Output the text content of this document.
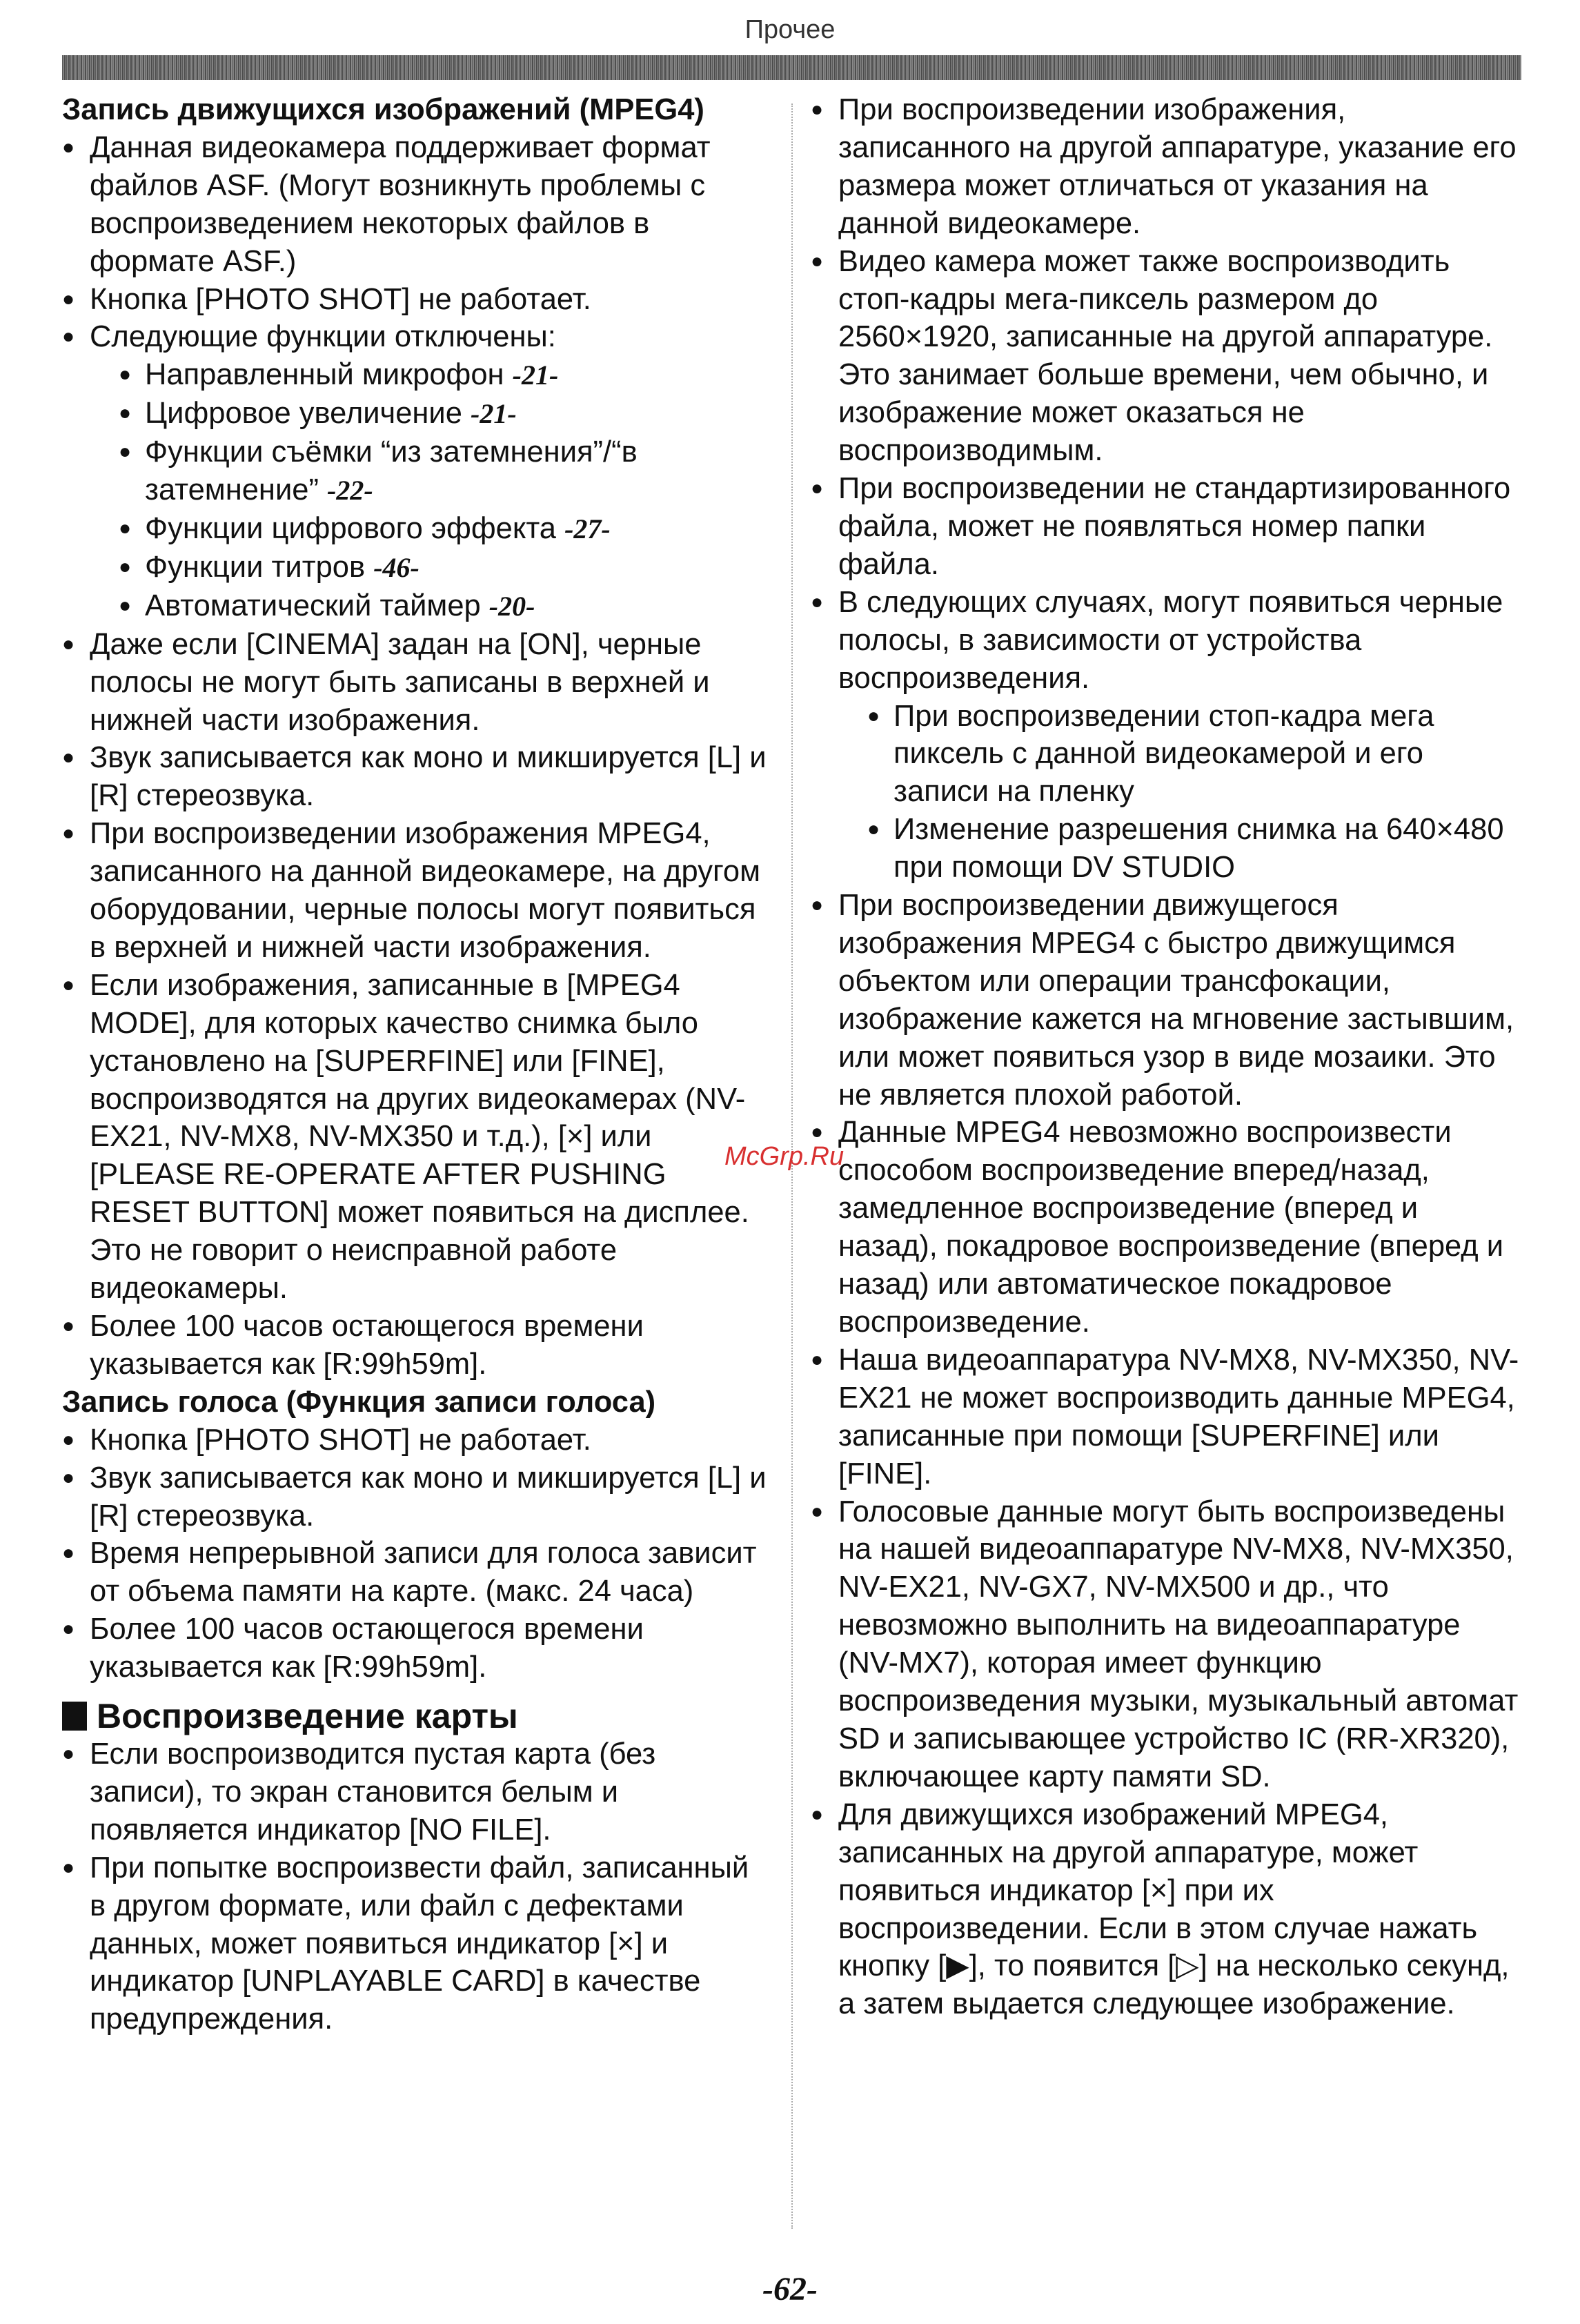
Прочее
Запись движущихся изображений (MPEG4)
● Данная видеокамера поддерживает формат файлов ASF. (Могут возникнуть проблемы с воспроизведением некоторых файлов в формате ASF.)
● Кнопка [PHOTO SHOT] не работает.
● Следующие функции отключены:
● Направленный микрофон -21-
● Цифровое увеличение -21-
● Функции съёмки “из затемнения”/“в затемнение” -22-
● Функции цифрового эффекта -27-
● Функции титров -46-
● Автоматический таймер -20-
● Даже если [CINEMA] задан на [ON], черные полосы не могут быть записаны в верхней и нижней части изображения.
● Звук записывается как моно и микшируется [L] и [R] стереозвука.
● При воспроизведении изображения MPEG4, записанного на данной видеокамере, на другом оборудовании, черные полосы могут появиться в верхней и нижней части изображения.
● Если изображения, записанные в [MPEG4 MODE], для которых качество снимка было установлено на [SUPERFINE] или [FINE], воспроизводятся на других видеокамерах (NV-EX21, NV-MX8, NV-MX350 и т.д.), [×] или [PLEASE RE-OPERATE AFTER PUSHING RESET BUTTON] может появиться на дисплее. Это не говорит о неисправной работе видеокамеры.
● Более 100 часов остающегося времени указывается как [R:99h59m].
Запись голоса (Функция записи голоса)
● Кнопка [PHOTO SHOT] не работает.
● Звук записывается как моно и микшируется [L] и [R] стереозвука.
● Время непрерывной записи для голоса зависит от объема памяти на карте. (макс. 24 часа)
● Более 100 часов остающегося времени указывается как [R:99h59m].
Воспроизведение карты
● Если воспроизводится пустая карта (без записи), то экран становится белым и появляется индикатор [NO FILE].
● При попытке воспроизвести файл, записанный в другом формате, или файл с дефектами данных, может появиться индикатор [×] и индикатор [UNPLAYABLE CARD] в качестве предупреждения.
● При воспроизведении изображения, записанного на другой аппаратуре, указание его размера может отличаться от указания на данной видеокамере.
● Видео камера может также воспроизводить стоп-кадры мега-пиксель размером до 2560×1920, записанные на другой аппаратуре. Это занимает больше времени, чем обычно, и изображение может оказаться не воспроизводимым.
● При воспроизведении не стандартизированного файла, может не появляться номер папки файла.
● В следующих случаях, могут появиться черные полосы, в зависимости от устройства воспроизведения.
● При воспроизведении стоп-кадра мега пиксель с данной видеокамерой и его записи на пленку
● Изменение разрешения снимка на 640×480 при помощи DV STUDIO
● При воспроизведении движущегося изображения MPEG4 с быстро движущимся объектом или операции трансфокации, изображение кажется на мгновение застывшим, или может появиться узор в виде мозаики. Это не является плохой работой.
● Данные MPEG4 невозможно воспроизвести способом воспроизведение вперед/назад, замедленное воспроизведение (вперед и назад), покадровое воспроизведение (вперед и назад) или автоматическое покадровое воспроизведение.
● Наша видеоаппаратура NV-MX8, NV-MX350, NV-EX21 не может воспроизводить данные MPEG4, записанные при помощи [SUPERFINE] или [FINE].
● Голосовые данные могут быть воспроизведены на нашей видеоаппаратуре NV-MX8, NV-MX350, NV-EX21, NV-GX7, NV-MX500 и др., что невозможно выполнить на видеоаппаратуре (NV-MX7), которая имеет функцию воспроизведения музыки, музыкальный автомат SD и записывающее устройство IC (RR-XR320), включающее карту памяти SD.
● Для движущихся изображений MPEG4, записанных на другой аппаратуре, может появиться индикатор [×] при их воспроизведении. Если в этом случае нажать кнопку [▶], то появится [▷] на несколько секунд, а затем выдается следующее изображение.
McGrp.Ru
-62-
